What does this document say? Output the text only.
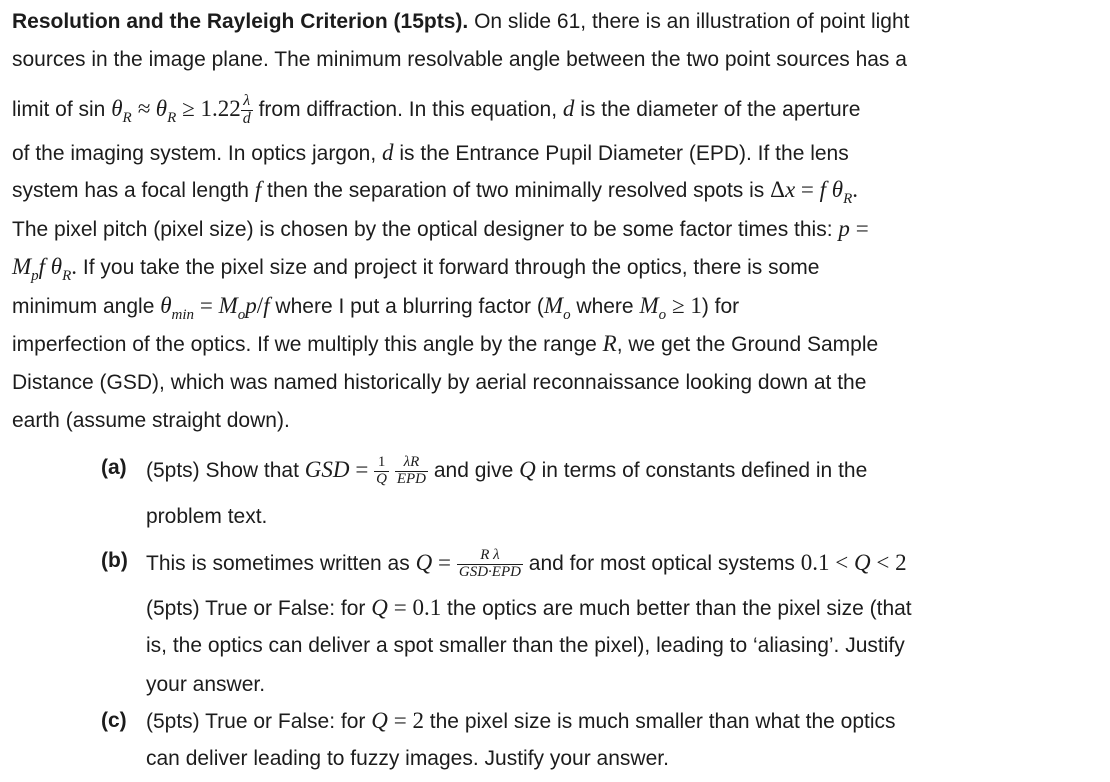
Resolution and the Rayleigh Criterion (15pts). On slide 61, there is an illustration of point light
sources in the image plane. The minimum resolvable angle between the two point sources has a
limit of $\sin \theta_R \approx \theta_R \ge 1.22 \frac{\lambda}{d}$ from diffraction. In this equation, d is the diameter of the aperture
of the imaging system. In optics jargon, d is the Entrance Pupil Diameter (EPD). If the lens
system has a focal length f then the separation of two minimally resolved spots is Δx = f $\theta_R$.
The pixel pitch (pixel size) is chosen by the optical designer to be some factor times this: p =
$M_pf$ $\theta_R$. If you take the pixel size and project it forward through the optics, there is some
minimum angle $\theta_{min} = M_op/f$ where I put a blurring factor ($M_o$ where $M_o \ge 1$) for
imperfection of the optics. If we multiply this angle by the range R, we get the Ground Sample
Distance (GSD), which was named historically by aerial reconnaissance looking down at the
earth (assume straight down).
(a) (5pts) Show that GSD = $\frac{1}{Q}$
$\frac{\lambda R}{\text{EPD}}$ and give Q in terms of constants defined in the
problem text.
(b) This is sometimes written as $Q = \frac{\text{R λ}}{\text{GSD·EPD}}$ and for most optical systems 0.1 < Q < 2
(5pts) True or False: for Q = 0.1 the optics are much better than the pixel size (that
is, the optics can deliver a spot smaller than the pixel), leading to ‘aliasing’. Justify
your answer.
(c) (5pts) True or False: for Q = 2 the pixel size is much smaller than what the optics
can deliver leading to fuzzy images. Justify your answer.
